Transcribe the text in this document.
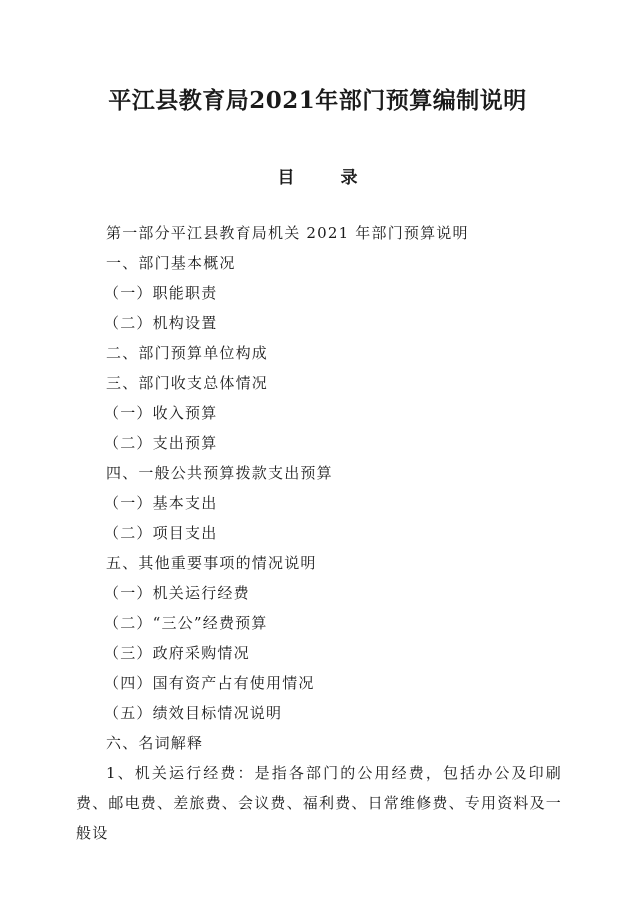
平江县教育局2021年部门预算编制说明
目 录
第一部分平江县教育局机关 2021 年部门预算说明
一、部门基本概况
（一）职能职责
（二）机构设置
二、部门预算单位构成
三、部门收支总体情况
（一）收入预算
（二）支出预算
四、一般公共预算拨款支出预算
（一）基本支出
（二）项目支出
五、其他重要事项的情况说明
（一）机关运行经费
（二）“三公”经费预算
（三）政府采购情况
（四）国有资产占有使用情况
（五）绩效目标情况说明
六、名词解释

1、机关运行经费：是指各部门的公用经费，包括办公及印刷费、邮电费、差旅费、会议费、福利费、日常维修费、专用资料及一般设
